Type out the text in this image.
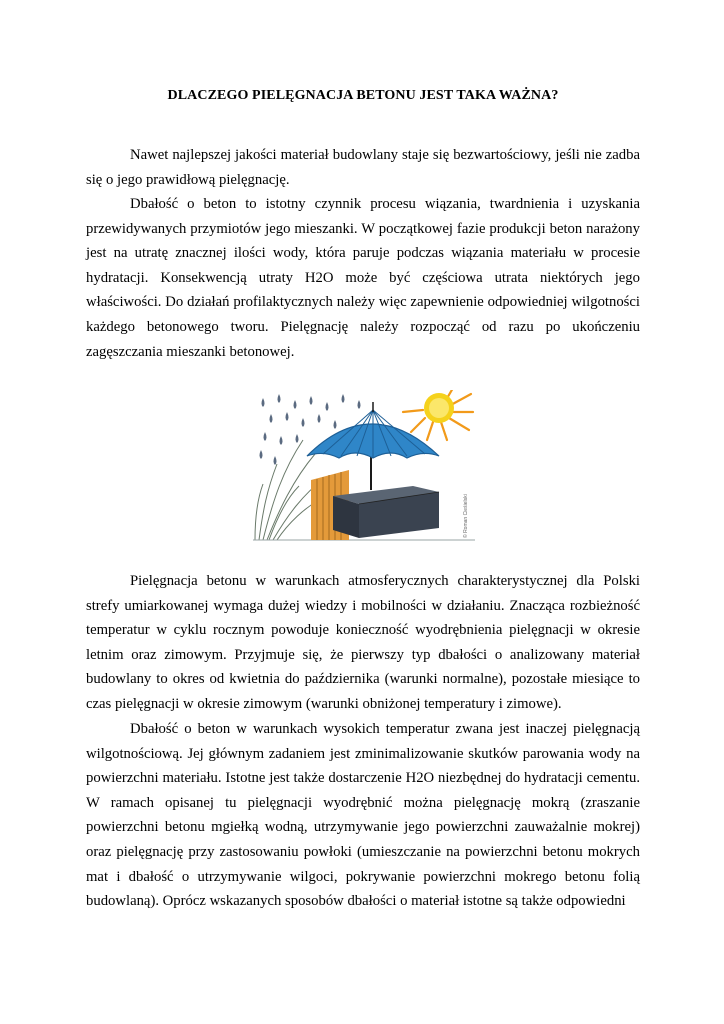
DLACZEGO PIELĘGNACJA BETONU JEST TAKA WAŻNA?

Nawet najlepszej jakości materiał budowlany staje się bezwartościowy, jeśli nie zadba się o jego prawidłową pielęgnację.

Dbałość o beton to istotny czynnik procesu wiązania, twardnienia i uzyskania przewidywanych przymiotów jego mieszanki. W początkowej fazie produkcji beton narażony jest na utratę znacznej ilości wody, która paruje podczas wiązania materiału w procesie hydratacji. Konsekwencją utraty H2O może być częściowa utrata niektórych jego właściwości. Do działań profilaktycznych należy więc zapewnienie odpowiedniej wilgotności każdego betonowego tworu. Pielęgnację należy rozpocząć od razu po ukończeniu zagęszczania mieszanki betonowej.

© Roman Cieśielski

Pielęgnacja betonu w warunkach atmosferycznych charakterystycznej dla Polski strefy umiarkowanej wymaga dużej wiedzy i mobilności w działaniu. Znacząca rozbieżność temperatur w cyklu rocznym powoduje konieczność wyodrębnienia pielęgnacji w okresie letnim oraz zimowym. Przyjmuje się, że pierwszy typ dbałości o analizowany materiał budowlany to okres od kwietnia do października (warunki normalne), pozostałe miesiące to czas pielęgnacji w okresie zimowym (warunki obniżonej temperatury i zimowe).

Dbałość o beton w warunkach wysokich temperatur zwana jest inaczej pielęgnacją wilgotnościową. Jej głównym zadaniem jest zminimalizowanie skutków parowania wody na powierzchni materiału. Istotne jest także dostarczenie H2O niezbędnej do hydratacji cementu. W ramach opisanej tu pielęgnacji wyodrębnić można pielęgnację mokrą (zraszanie powierzchni betonu mgiełką wodną, utrzymywanie jego powierzchni zauważalnie mokrej) oraz pielęgnację przy zastosowaniu powłoki (umieszczanie na powierzchni betonu mokrych mat i dbałość o utrzymywanie wilgoci, pokrywanie powierzchni mokrego betonu folią budowlaną). Oprócz wskazanych sposobów dbałości o materiał istotne są także odpowiedni
